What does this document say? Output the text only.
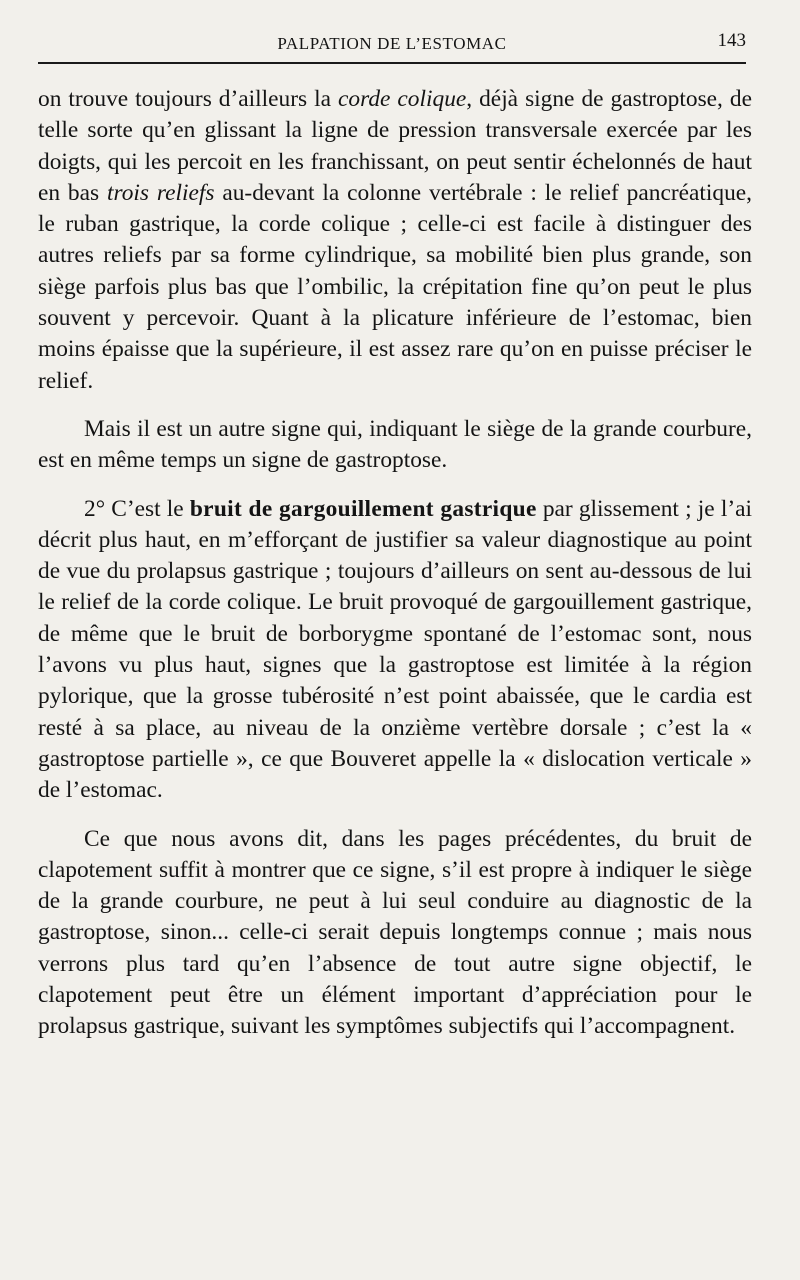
PALPATION DE L’ESTOMAC	143

on trouve toujours d’ailleurs la corde colique, déjà signe de gastroptose, de telle sorte qu’en glissant la ligne de pression transversale exercée par les doigts, qui les percoit en les franchissant, on peut sentir échelonnés de haut en bas trois reliefs au-devant la colonne vertébrale : le relief pancréatique, le ruban gastrique, la corde colique ; celle-ci est facile à distinguer des autres reliefs par sa forme cylindrique, sa mobilité bien plus grande, son siège parfois plus bas que l’ombilic, la crépitation fine qu’on peut le plus souvent y percevoir. Quant à la plicature inférieure de l’estomac, bien moins épaisse que la supérieure, il est assez rare qu’on en puisse préciser le relief.

Mais il est un autre signe qui, indiquant le siège de la grande courbure, est en même temps un signe de gastroptose.

2° C’est le bruit de gargouillement gastrique par glissement ; je l’ai décrit plus haut, en m’efforçant de justifier sa valeur diagnostique au point de vue du prolapsus gastrique ; toujours d’ailleurs on sent au-dessous de lui le relief de la corde colique. Le bruit provoqué de gargouillement gastrique, de même que le bruit de borborygme spontané de l’estomac sont, nous l’avons vu plus haut, signes que la gastroptose est limitée à la région pylorique, que la grosse tubérosité n’est point abaissée, que le cardia est resté à sa place, au niveau de la onzième vertèbre dorsale ; c’est la « gastroptose partielle », ce que Bouveret appelle la « dislocation verticale » de l’estomac.

Ce que nous avons dit, dans les pages précédentes, du bruit de clapotement suffit à montrer que ce signe, s’il est propre à indiquer le siège de la grande courbure, ne peut à lui seul conduire au diagnostic de la gastroptose, sinon... celle-ci serait depuis longtemps connue ; mais nous verrons plus tard qu’en l’absence de tout autre signe objectif, le clapotement peut être un élément important d’appréciation pour le prolapsus gastrique, suivant les symptômes subjectifs qui l’accompagnent.
